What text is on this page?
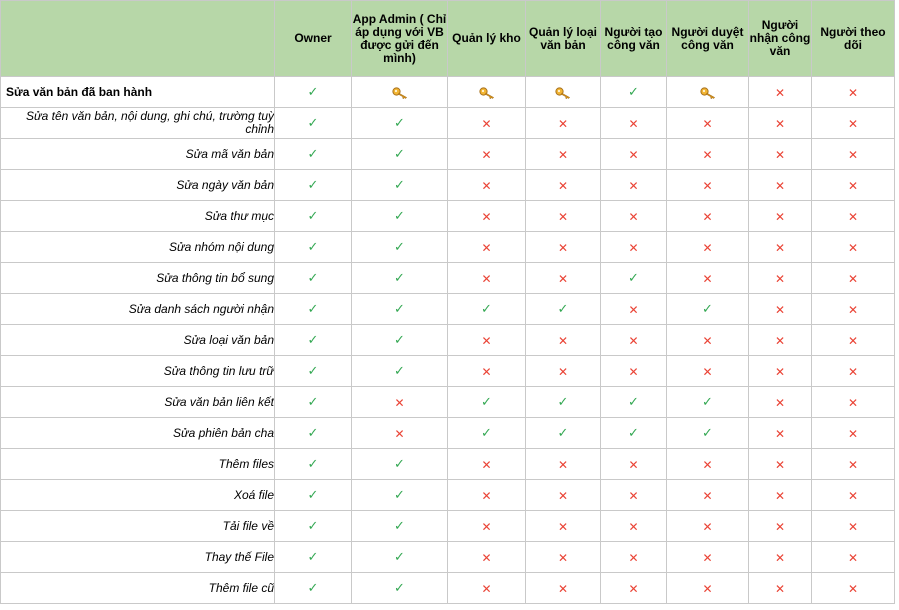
	Owner	App Admin ( Chỉ áp dụng với VB được gửi đến mình)	Quản lý kho	Quản lý loại văn bản	Người tạo công văn	Người duyệt công văn	Người nhận công văn	Người theo dõi
Sửa văn bản đã ban hành	✓				✓		✕	✕
Sửa tên văn bản, nội dung, ghi chú, trường tuỳ chỉnh	✓	✓	✕	✕	✕	✕	✕	✕
Sửa mã văn bản	✓	✓	✕	✕	✕	✕	✕	✕
Sửa ngày văn bản	✓	✓	✕	✕	✕	✕	✕	✕
Sửa thư mục	✓	✓	✕	✕	✕	✕	✕	✕
Sửa nhóm nội dung	✓	✓	✕	✕	✕	✕	✕	✕
Sửa thông tin bổ sung	✓	✓	✕	✕	✓	✕	✕	✕
Sửa danh sách người nhận	✓	✓	✓	✓	✕	✓	✕	✕
Sửa loại văn bản	✓	✓	✕	✕	✕	✕	✕	✕
Sửa thông tin lưu trữ	✓	✓	✕	✕	✕	✕	✕	✕
Sửa văn bản liên kết	✓	✕	✓	✓	✓	✓	✕	✕
Sửa phiên bản cha	✓	✕	✓	✓	✓	✓	✕	✕
Thêm files	✓	✓	✕	✕	✕	✕	✕	✕
Xoá file	✓	✓	✕	✕	✕	✕	✕	✕
Tải file về	✓	✓	✕	✕	✕	✕	✕	✕
Thay thế File	✓	✓	✕	✕	✕	✕	✕	✕
Thêm file cũ	✓	✓	✕	✕	✕	✕	✕	✕
